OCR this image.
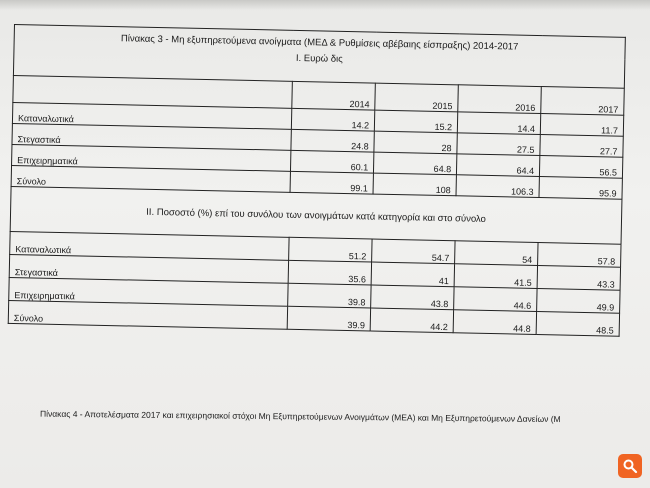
Πίνακας 3 - Μη εξυπηρετούμενα ανοίγματα (ΜΕΔ & Ρυθμίσεις αβέβαιης είσπραξης) 2014-2017				
Ι. Ευρώ δις				
	2014	2015	2016	2017
Καταναλωτικά	14.2	15.2	14.4	11.7
Στεγαστικά	24.8	28	27.5	27.7
Επιχειρηματικά	60.1	64.8	64.4	56.5
Σύνολο	99.1	108	106.3	95.9
ΙΙ. Ποσοστό (%) επί του συνόλου των ανοιγμάτων κατά κατηγορία και στο σύνολο				
Καταναλωτικά	51.2	54.7	54	57.8
Στεγαστικά	35.6	41	41.5	43.3
Επιχειρηματικά	39.8	43.8	44.6	49.9
Σύνολο	39.9	44.2	44.8	48.5
Πίνακας 4 - Αποτελέσματα 2017 και επιχειρησιακοί στόχοι Μη Εξυπηρετούμενων Ανοιγμάτων (ΜΕΑ) και Μη Εξυπηρετούμενων Δανείων (Μ
